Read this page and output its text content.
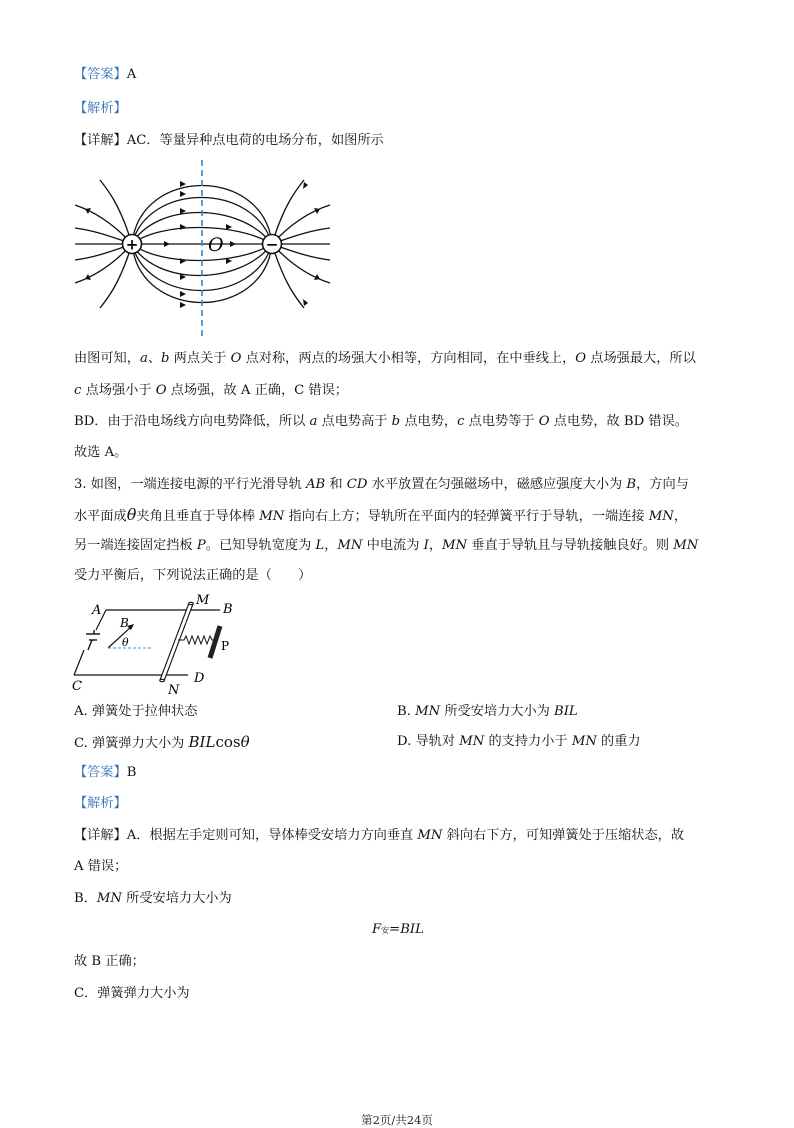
【答案】A
【解析】
【详解】AC．等量异种点电荷的电场分布，如图所示
+	−
O
由图可知，a、b 两点关于 O 点对称，两点的场强大小相等，方向相同，在中垂线上，O 点场强最大，所以
c 点场强小于 O 点场强，故 A 正确，C 错误；
BD．由于沿电场线方向电势降低，所以 a 点电势高于 b 点电势，c 点电势等于 O 点电势，故 BD 错误。
故选 A。
3. 如图，一端连接电源的平行光滑导轨 AB 和 CD 水平放置在匀强磁场中，磁感应强度大小为 B，方向与
水平面成θ夹角且垂直于导体棒 MN 指向右上方；导轨所在平面内的轻弹簧平行于导轨，一端连接 MN，
另一端连接固定挡板 P。已知导轨宽度为 L，MN 中电流为 I，MN 垂直于导轨且与导轨接触良好。则 MN
受力平衡后，下列说法正确的是（　　）
A
M
B
B
θ	P
C	N
D
A. 弹簧处于拉伸状态	B. MN 所受安培力大小为 BIL
C. 弹簧弹力大小为 BILcosθ	D. 导轨对 MN 的支持力小于 MN 的重力
【答案】B
【解析】
【详解】A．根据左手定则可知，导体棒受安培力方向垂直 MN 斜向右下方，可知弹簧处于压缩状态，故
A 错误；
B．MN 所受安培力大小为
F安=BIL
故 B 正确；
C．弹簧弹力大小为
第2页/共24页
